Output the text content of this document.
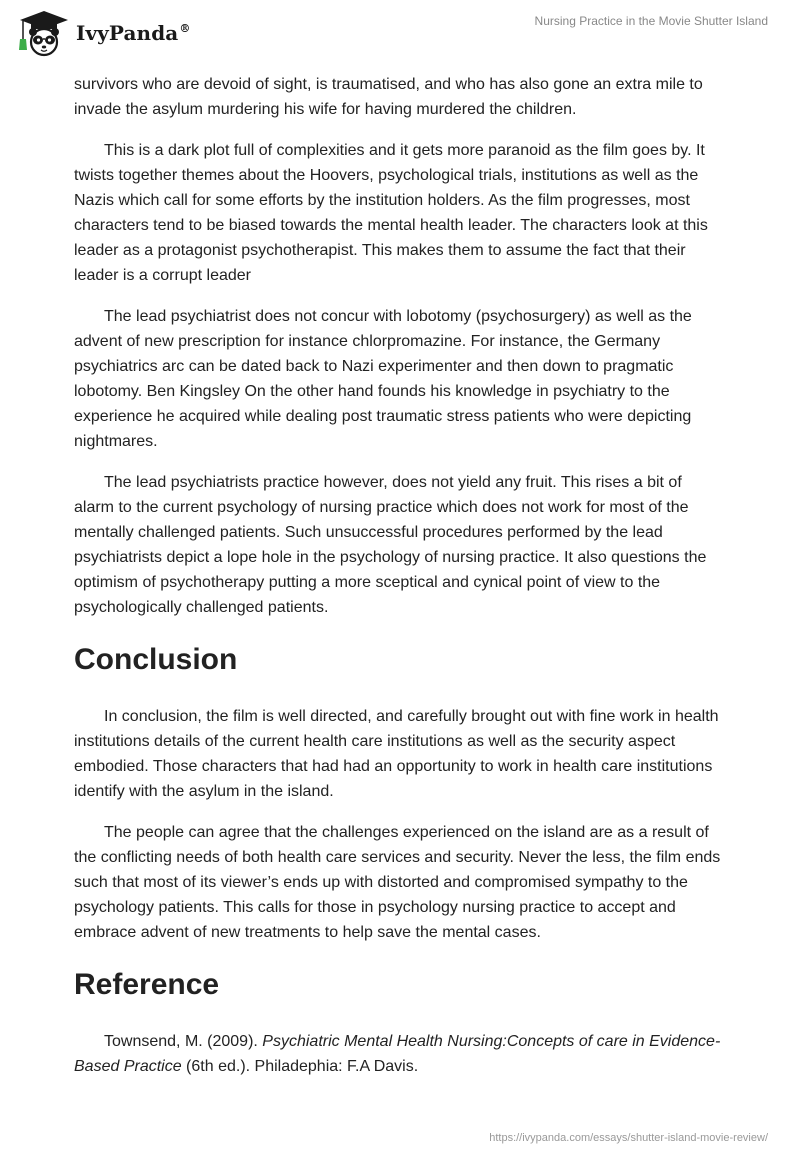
IvyPanda®
Nursing Practice in the Movie Shutter Island

survivors who are devoid of sight, is traumatised, and who has also gone an extra mile to invade the asylum murdering his wife for having murdered the children.

This is a dark plot full of complexities and it gets more paranoid as the film goes by. It twists together themes about the Hoovers, psychological trials, institutions as well as the Nazis which call for some efforts by the institution holders. As the film progresses, most characters tend to be biased towards the mental health leader. The characters look at this leader as a protagonist psychotherapist. This makes them to assume the fact that their leader is a corrupt leader

The lead psychiatrist does not concur with lobotomy (psychosurgery) as well as the advent of new prescription for instance chlorpromazine. For instance, the Germany psychiatrics arc can be dated back to Nazi experimenter and then down to pragmatic lobotomy. Ben Kingsley On the other hand founds his knowledge in psychiatry to the experience he acquired while dealing post traumatic stress patients who were depicting nightmares.

The lead psychiatrists practice however, does not yield any fruit. This rises a bit of alarm to the current psychology of nursing practice which does not work for most of the mentally challenged patients. Such unsuccessful procedures performed by the lead psychiatrists depict a lope hole in the psychology of nursing practice. It also questions the optimism of psychotherapy putting a more sceptical and cynical point of view to the psychologically challenged patients.

Conclusion

In conclusion, the film is well directed, and carefully brought out with fine work in health institutions details of the current health care institutions as well as the security aspect embodied. Those characters that had had an opportunity to work in health care institutions identify with the asylum in the island.

The people can agree that the challenges experienced on the island are as a result of the conflicting needs of both health care services and security. Never the less, the film ends such that most of its viewer’s ends up with distorted and compromised sympathy to the psychology patients. This calls for those in psychology nursing practice to accept and embrace advent of new treatments to help save the mental cases.

Reference

Townsend, M. (2009). Psychiatric Mental Health Nursing:Concepts of care in Evidence-Based Practice (6th ed.). Philadephia: F.A Davis.

https://ivypanda.com/essays/shutter-island-movie-review/
